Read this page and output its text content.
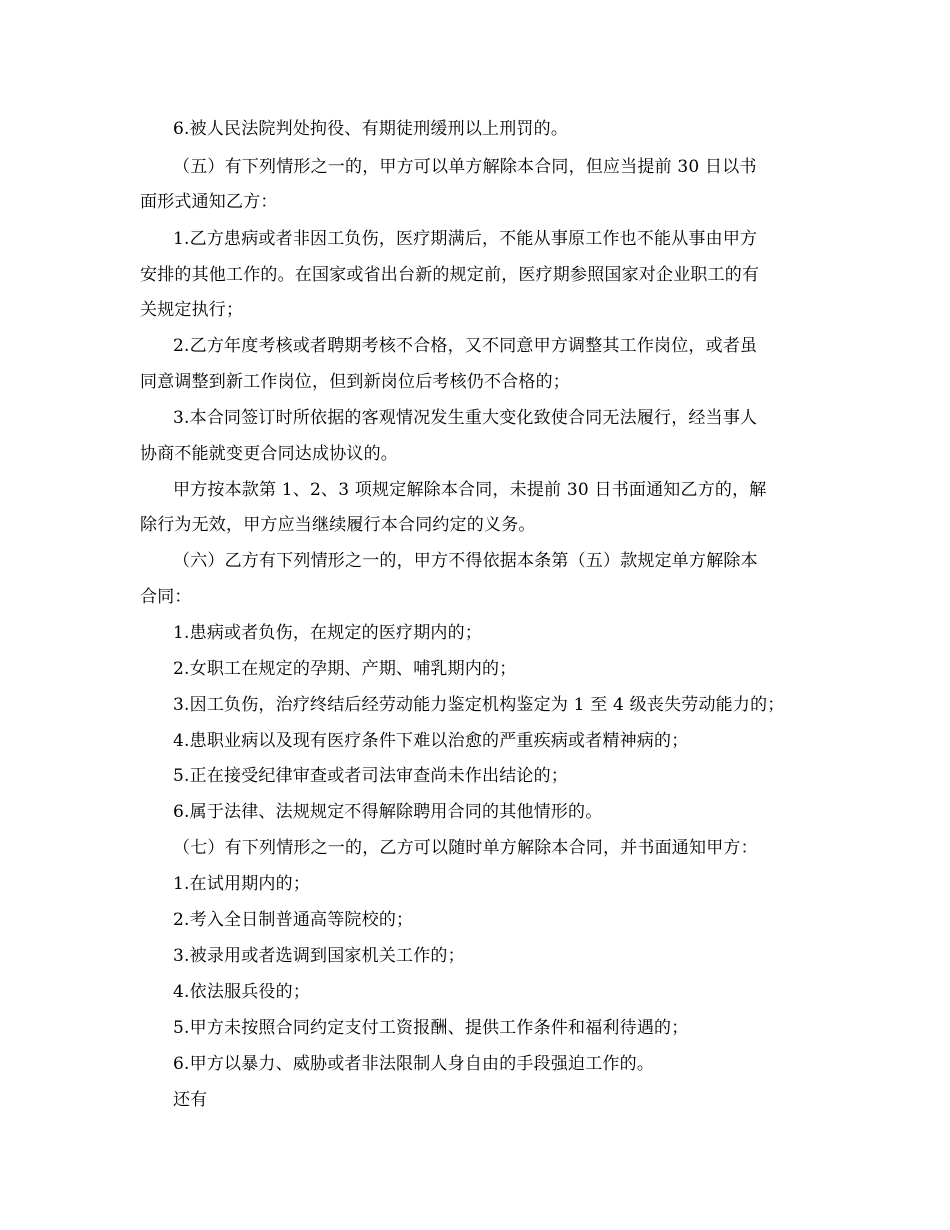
6.被人民法院判处拘役、有期徒刑缓刑以上刑罚的。
（五）有下列情形之一的，甲方可以单方解除本合同，但应当提前 30 日以书
面形式通知乙方：
1.乙方患病或者非因工负伤，医疗期满后，不能从事原工作也不能从事由甲方
安排的其他工作的。在国家或省出台新的规定前，医疗期参照国家对企业职工的有
关规定执行；
2.乙方年度考核或者聘期考核不合格，又不同意甲方调整其工作岗位，或者虽
同意调整到新工作岗位，但到新岗位后考核仍不合格的；
3.本合同签订时所依据的客观情况发生重大变化致使合同无法履行，经当事人
协商不能就变更合同达成协议的。
甲方按本款第 1、2、3 项规定解除本合同，未提前 30 日书面通知乙方的，解
除行为无效，甲方应当继续履行本合同约定的义务。
（六）乙方有下列情形之一的，甲方不得依据本条第（五）款规定单方解除本
合同：
1.患病或者负伤，在规定的医疗期内的；
2.女职工在规定的孕期、产期、哺乳期内的；
3.因工负伤，治疗终结后经劳动能力鉴定机构鉴定为 1 至 4 级丧失劳动能力的；
4.患职业病以及现有医疗条件下难以治愈的严重疾病或者精神病的；
5.正在接受纪律审查或者司法审查尚未作出结论的；
6.属于法律、法规规定不得解除聘用合同的其他情形的。
（七）有下列情形之一的，乙方可以随时单方解除本合同，并书面通知甲方：
1.在试用期内的；
2.考入全日制普通高等院校的；
3.被录用或者选调到国家机关工作的；
4.依法服兵役的；
5.甲方未按照合同约定支付工资报酬、提供工作条件和福利待遇的；
6.甲方以暴力、威胁或者非法限制人身自由的手段强迫工作的。
还有
